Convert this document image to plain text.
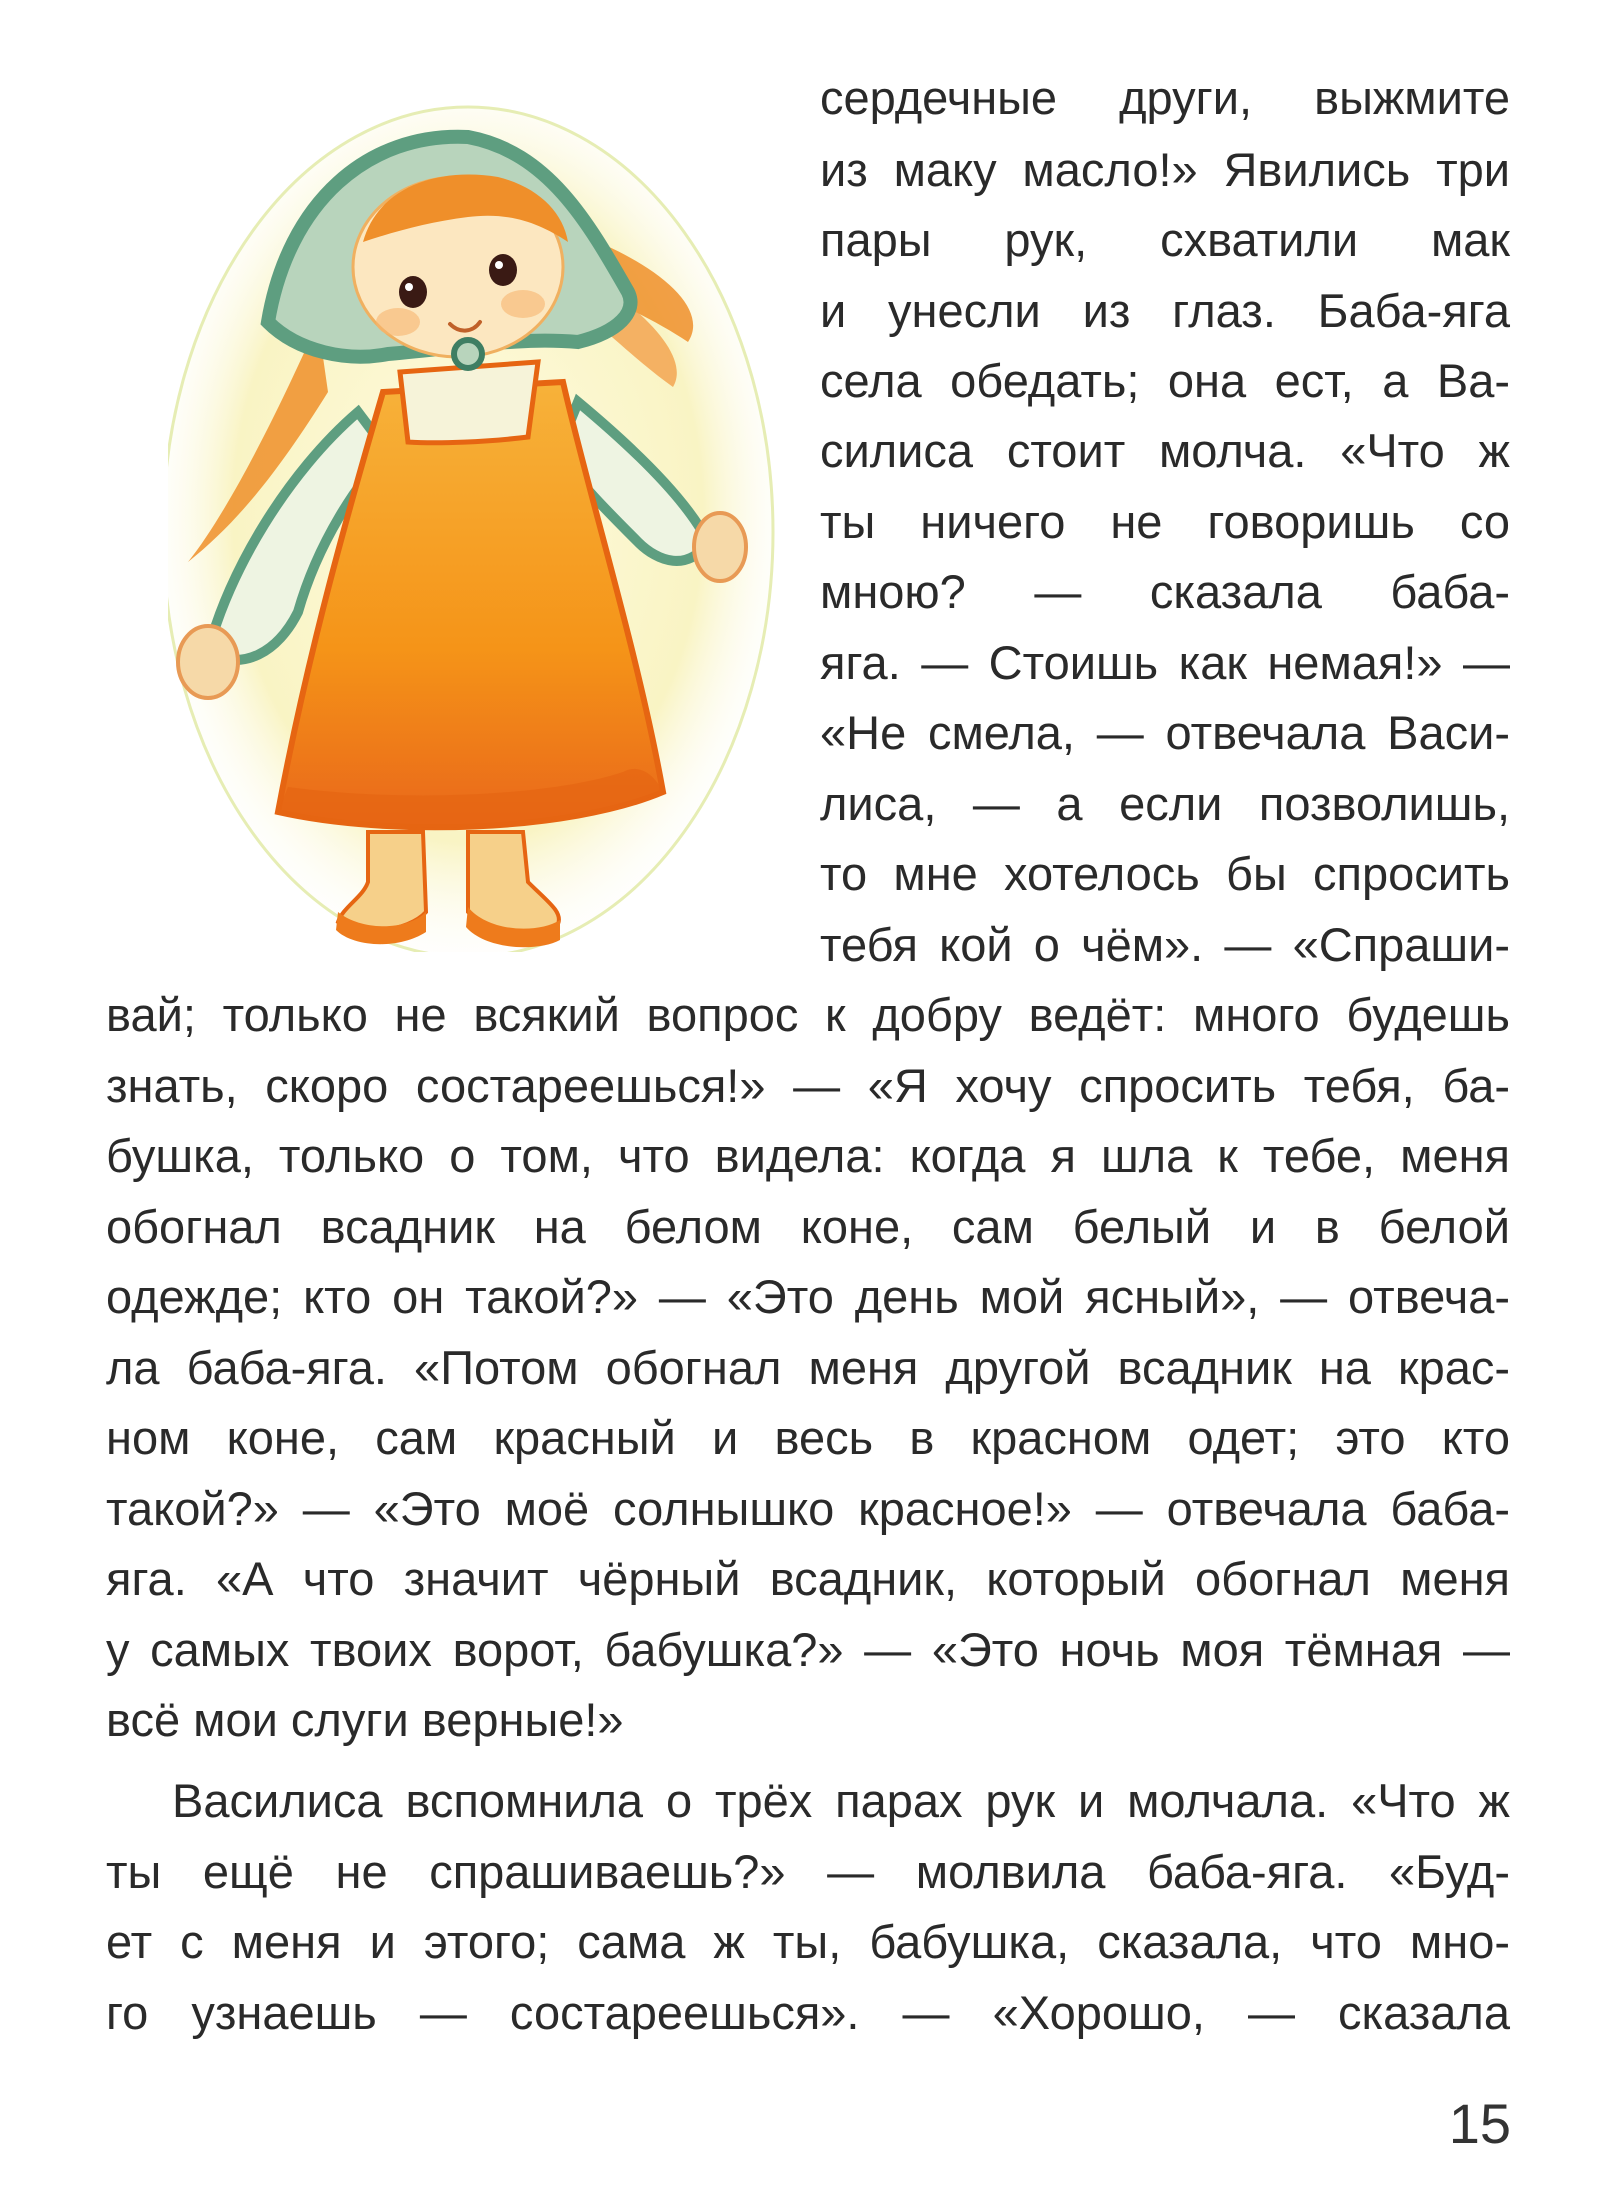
сердечные други, выжмите

из маку масло!» Явились три

пары рук, схватили мак

и унесли из глаз. Баба-яга

села обедать; она ест, а Ва-

силиса стоит молча. «Что ж

ты ничего не говоришь со

мною? — сказала баба-

яга. — Стоишь как немая!» —

«Не смела, — отвечала Васи-

лиса, — а если позволишь,

то мне хотелось бы спросить

тебя кой о чём». — «Спраши-

вай; только не всякий вопрос к добру ведёт: много будешь

знать, скоро состареешься!» — «Я хочу спросить тебя, ба-

бушка, только о том, что видела: когда я шла к тебе, меня

обогнал всадник на белом коне, сам белый и в белой

одежде; кто он такой?» — «Это день мой ясный», — отвеча-

ла баба-яга. «Потом обогнал меня другой всадник на крас-

ном коне, сам красный и весь в красном одет; это кто

такой?» — «Это моё солнышко красное!» — отвечала баба-

яга. «А что значит чёрный всадник, который обогнал меня

у самых твоих ворот, бабушка?» — «Это ночь моя тёмная —

всё мои слуги верные!»

Василиса вспомнила о трёх парах рук и молчала. «Что ж

ты ещё не спрашиваешь?» — молвила баба-яга. «Буд-

ет с меня и этого; сама ж ты, бабушка, сказала, что мно-

го узнаешь — состареешься». — «Хорошо, — сказала

15
